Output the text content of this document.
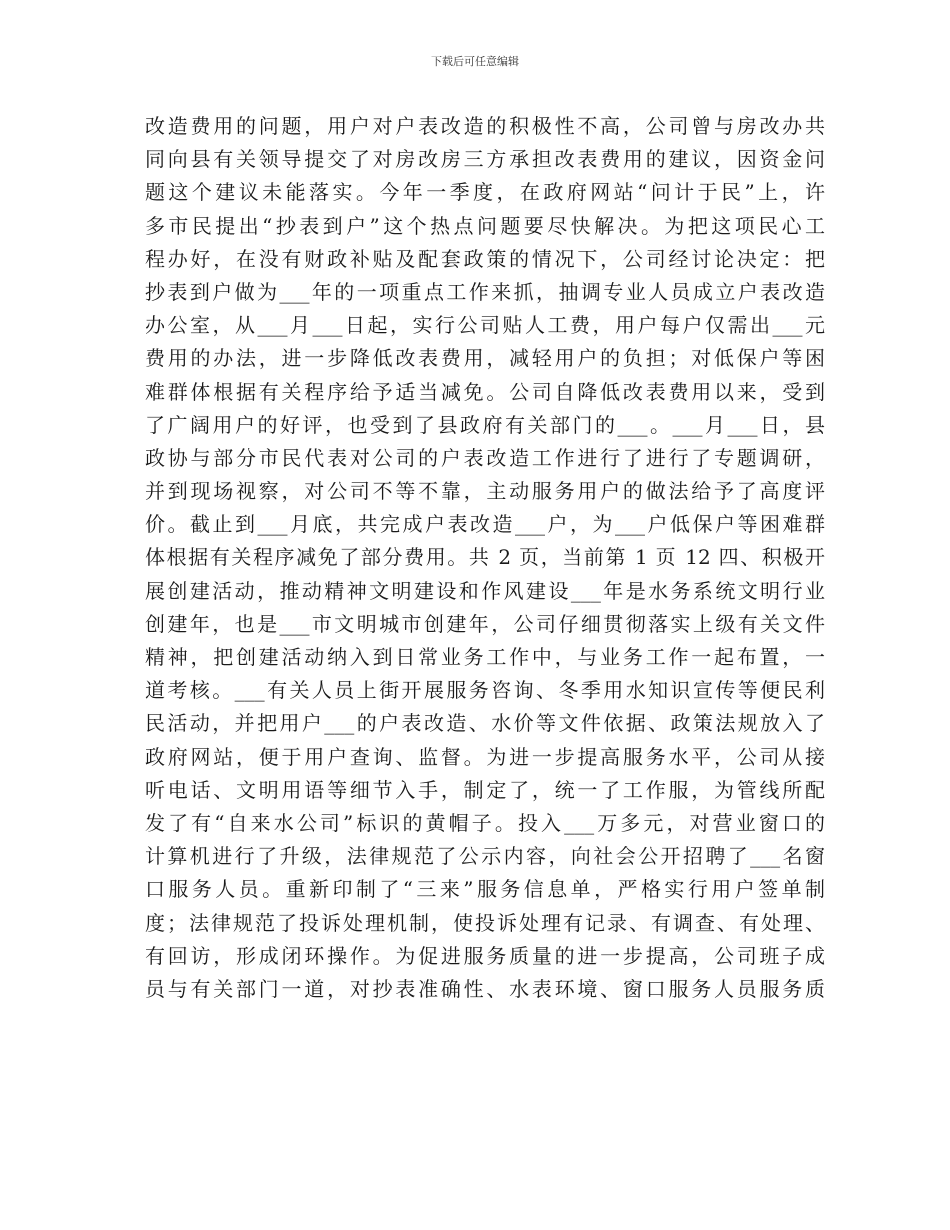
下载后可任意编辑
改造费用的问题，用户对户表改造的积极性不高，公司曾与房改办共
同向县有关领导提交了对房改房三方承担改表费用的建议，因资金问
题这个建议未能落实。今年一季度，在政府网站“问计于民”上，许
多市民提出“抄表到户”这个热点问题要尽快解决。为把这项民心工
程办好，在没有财政补贴及配套政策的情况下，公司经讨论决定：把
抄表到户做为___年的一项重点工作来抓，抽调专业人员成立户表改造
办公室，从___月___日起，实行公司贴人工费，用户每户仅需出___元
费用的办法，进一步降低改表费用，减轻用户的负担；对低保户等困
难群体根据有关程序给予适当减免。公司自降低改表费用以来，受到
了广阔用户的好评，也受到了县政府有关部门的___。___月___日，县
政协与部分市民代表对公司的户表改造工作进行了进行了专题调研，
并到现场视察，对公司不等不靠，主动服务用户的做法给予了高度评
价。截止到___月底，共完成户表改造___户，为___户低保户等困难群
体根据有关程序减免了部分费用。共 2 页，当前第 1 页 12 四、积极开
展创建活动，推动精神文明建设和作风建设___年是水务系统文明行业
创建年，也是___市文明城市创建年，公司仔细贯彻落实上级有关文件
精神，把创建活动纳入到日常业务工作中，与业务工作一起布置，一
道考核。___有关人员上街开展服务咨询、冬季用水知识宣传等便民利
民活动，并把用户___的户表改造、水价等文件依据、政策法规放入了
政府网站，便于用户查询、监督。为进一步提高服务水平，公司从接
听电话、文明用语等细节入手，制定了，统一了工作服，为管线所配
发了有“自来水公司”标识的黄帽子。投入___万多元，对营业窗口的
计算机进行了升级，法律规范了公示内容，向社会公开招聘了___名窗
口服务人员。重新印制了“三来”服务信息单，严格实行用户签单制
度；法律规范了投诉处理机制，使投诉处理有记录、有调查、有处理、
有回访，形成闭环操作。为促进服务质量的进一步提高，公司班子成
员与有关部门一道，对抄表准确性、水表环境、窗口服务人员服务质
